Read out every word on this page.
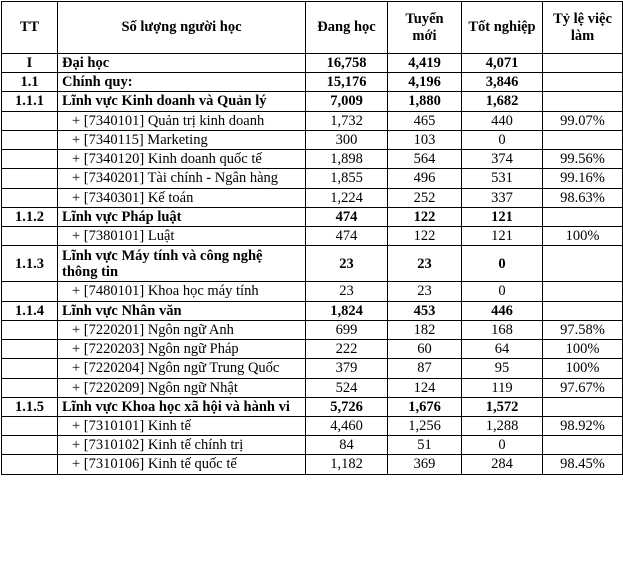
TT	Số lượng người học	Đang học	Tuyển mới	Tốt nghiệp	Tỷ lệ việc làm
I	Đại học	16,758	4,419	4,071	
1.1	Chính quy:	15,176	4,196	3,846	
1.1.1	Lĩnh vực Kinh doanh và Quản lý	7,009	1,880	1,682	
	+ [7340101] Quản trị kinh doanh	1,732	465	440	99.07%
	+ [7340115] Marketing	300	103	0	
	+ [7340120] Kinh doanh quốc tế	1,898	564	374	99.56%
	+ [7340201] Tài chính - Ngân hàng	1,855	496	531	99.16%
	+ [7340301] Kế toán	1,224	252	337	98.63%
1.1.2	Lĩnh vực Pháp luật	474	122	121	
	+ [7380101] Luật	474	122	121	100%
1.1.3	Lĩnh vực Máy tính và công nghệ thông tin	23	23	0	
	+ [7480101] Khoa học máy tính	23	23	0	
1.1.4	Lĩnh vực Nhân văn	1,824	453	446	
	+ [7220201] Ngôn ngữ Anh	699	182	168	97.58%
	+ [7220203] Ngôn ngữ Pháp	222	60	64	100%
	+ [7220204] Ngôn ngữ Trung Quốc	379	87	95	100%
	+ [7220209] Ngôn ngữ Nhật	524	124	119	97.67%
1.1.5	Lĩnh vực Khoa học xã hội và hành vi	5,726	1,676	1,572	
	+ [7310101] Kinh tế	4,460	1,256	1,288	98.92%
	+ [7310102] Kinh tế chính trị	84	51	0	
	+ [7310106] Kinh tế quốc tế	1,182	369	284	98.45%
